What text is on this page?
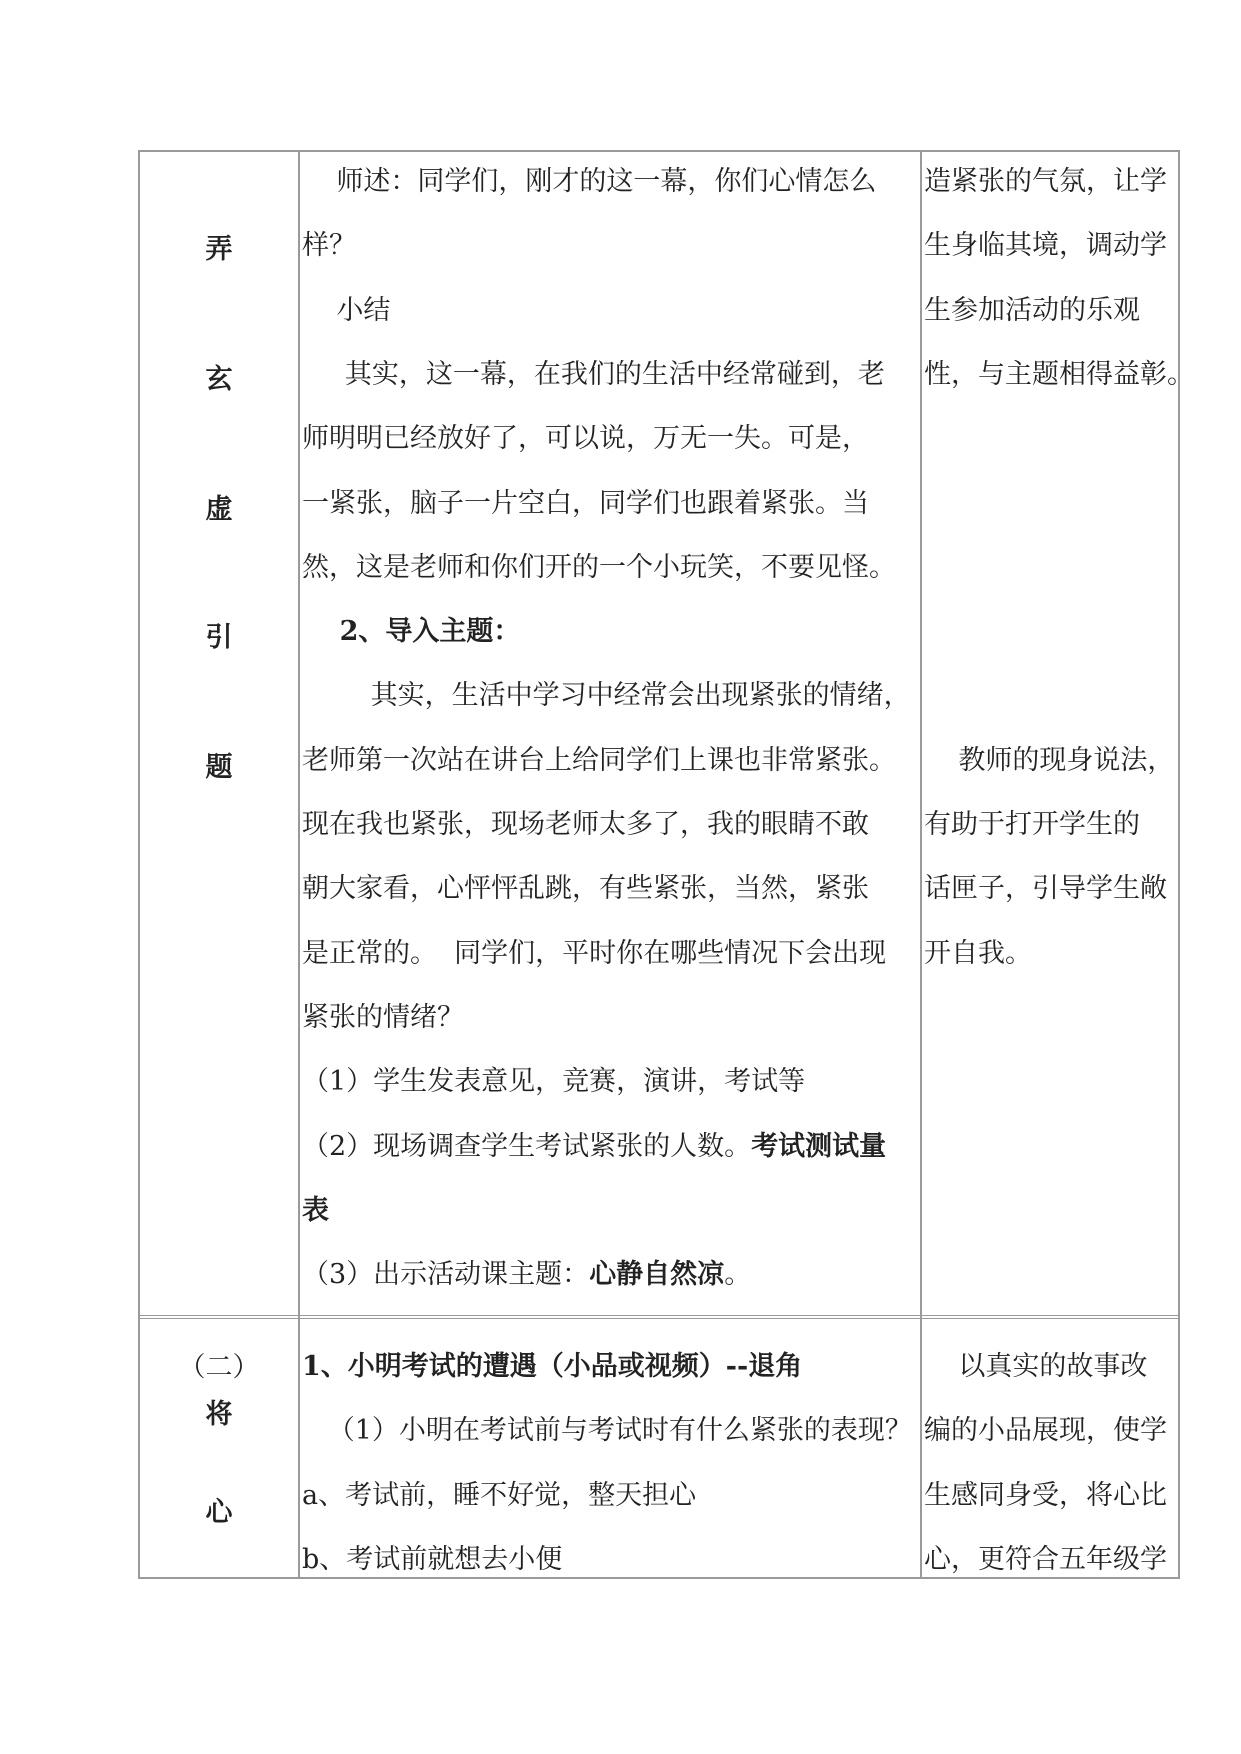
弄
玄
虚
引
题
师述：同学们，刚才的这一幕，你们心情怎么
样？
小结
其实，这一幕，在我们的生活中经常碰到，老
师明明已经放好了，可以说，万无一失。可是，
一紧张，脑子一片空白，同学们也跟着紧张。当
然，这是老师和你们开的一个小玩笑，不要见怪。
2、导入主题：
其实，生活中学习中经常会出现紧张的情绪，
老师第一次站在讲台上给同学们上课也非常紧张。
现在我也紧张，现场老师太多了，我的眼睛不敢
朝大家看，心怦怦乱跳，有些紧张，当然，紧张
是正常的。  同学们，平时你在哪些情况下会出现
紧张的情绪？
（1）学生发表意见，竞赛，演讲，考试等
（2）现场调查学生考试紧张的人数。考试测试量
表
（3）出示活动课主题：心静自然凉。
造紧张的气氛，让学
生身临其境，调动学
生参加活动的乐观
性，与主题相得益彰。
教师的现身说法，
有助于打开学生的
话匣子，引导学生敞
开自我。
（二）
将
心
1、小明考试的遭遇（小品或视频）--退角
（1）小明在考试前与考试时有什么紧张的表现？
a、考试前，睡不好觉，整天担心
b、考试前就想去小便
以真实的故事改
编的小品展现，使学
生感同身受，将心比
心，更符合五年级学
